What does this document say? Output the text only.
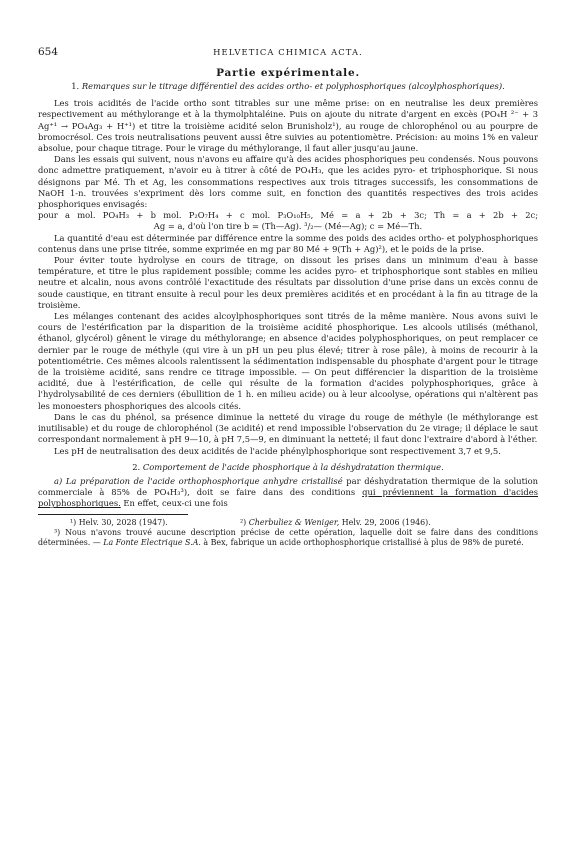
654	HELVETICA CHIMICA ACTA.
Partie expérimentale.
1. Remarques sur le titrage différentiel des acides ortho- et polyphosphoriques (alcoylphosphoriques).

Les trois acidités de l'acide ortho sont titrables sur une même prise: on en neutralise les deux premières respectivement au méthylorange et à la thymolphtaléine. Puis on ajoute du nitrate d'argent en excès (PO₄H ²⁻ + 3 Ag⁺¹ → PO₄Ag₃ + H⁺¹) et titre la troisième acidité selon Brunisholz¹), au rouge de chlorophénol ou au pourpre de bromocrésol. Ces trois neutralisations peuvent aussi être suivies au potentiomètre. Précision: au moins 1% en valeur absolue, pour chaque titrage. Pour le virage du méthylorange, il faut aller jusqu'au jaune.

Dans les essais qui suivent, nous n'avons eu affaire qu'à des acides phosphoriques peu condensés. Nous pouvons donc admettre pratiquement, n'avoir eu à titrer à côté de PO₄H₃, que les acides pyro- et triphosphorique. Si nous désignons par Mé. Th et Ag, les consommations respectives aux trois titrages successifs, les consommations de NaOH 1-n. trouvées s'expriment dès lors comme suit, en fonction des quantités respectives des trois acides phosphoriques envisagés:

pour a mol. PO₄H₃ + b mol. P₂O₇H₄ + c mol. P₃O₁₀H₅, Mé = a + 2b + 3c; Th = a + 2b + 2c;

Ag = a, d'où l'on tire b = (Th—Ag). ³/₂— (Mé—Ag); c = Mé—Th.

La quantité d'eau est déterminée par différence entre la somme des poids des acides ortho- et polyphosphoriques contenus dans une prise titrée, somme exprimée en mg par 80 Mé + 9(Th + Ag)²), et le poids de la prise.

Pour éviter toute hydrolyse en cours de titrage, on dissout les prises dans un minimum d'eau à basse température, et titre le plus rapidement possible; comme les acides pyro- et triphosphorique sont stables en milieu neutre et alcalin, nous avons contrôlé l'exactitude des résultats par dissolution d'une prise dans un excès connu de soude caustique, en titrant ensuite à recul pour les deux premières acidités et en procédant à la fin au titrage de la troisième.

Les mélanges contenant des acides alcoylphosphoriques sont titrés de la même manière. Nous avons suivi le cours de l'estérification par la disparition de la troisième acidité phosphorique. Les alcools utilisés (méthanol, éthanol, glycérol) gênent le virage du méthylorange; en absence d'acides polyphosphoriques, on peut remplacer ce dernier par le rouge de méthyle (qui vire à un pH un peu plus élevé; titrer à rose pâle), à moins de recourir à la potentiométrie. Ces mêmes alcools ralentissent la sédimentation indispensable du phosphate d'argent pour le titrage de la troisième acidité, sans rendre ce titrage impossible. — On peut différencier la disparition de la troisième acidité, due à l'estérification, de celle qui résulte de la formation d'acides polyphosphoriques, grâce à l'hydrolysabilité de ces derniers (ébullition de 1 h. en milieu acide) ou à leur alcoolyse, opérations qui n'altèrent pas les monoesters phosphoriques des alcools cités.

Dans le cas du phénol, sa présence diminue la netteté du virage du rouge de méthyle (le méthylorange est inutilisable) et du rouge de chlorophénol (3e acidité) et rend impossible l'observation du 2e virage; il déplace le saut correspondant normalement à pH 9—10, à pH 7,5—9, en diminuant la netteté; il faut donc l'extraire d'abord à l'éther.

Les pH de neutralisation des deux acidités de l'acide phénylphosphorique sont respectivement 3,7 et 9,5.

2. Comportement de l'acide phosphorique à la déshydratation thermique.

a) La préparation de l'acide orthophosphorique anhydre cristallisé par déshydratation thermique de la solution commerciale à 85% de PO₄H₃³), doit se faire dans des conditions qui préviennent la formation d'acides polyphosphoriques. En effet, ceux-ci une fois

¹) Helv. 30, 2028 (1947).	²) Cherbuliez & Weniger, Helv. 29, 2006 (1946).
³) Nous n'avons trouvé aucune description précise de cette opération, laquelle doit se faire dans des conditions déterminées. — La Fonte Electrique S.A. à Bex, fabrique un acide orthophosphorique cristallisé à plus de 98% de pureté.
